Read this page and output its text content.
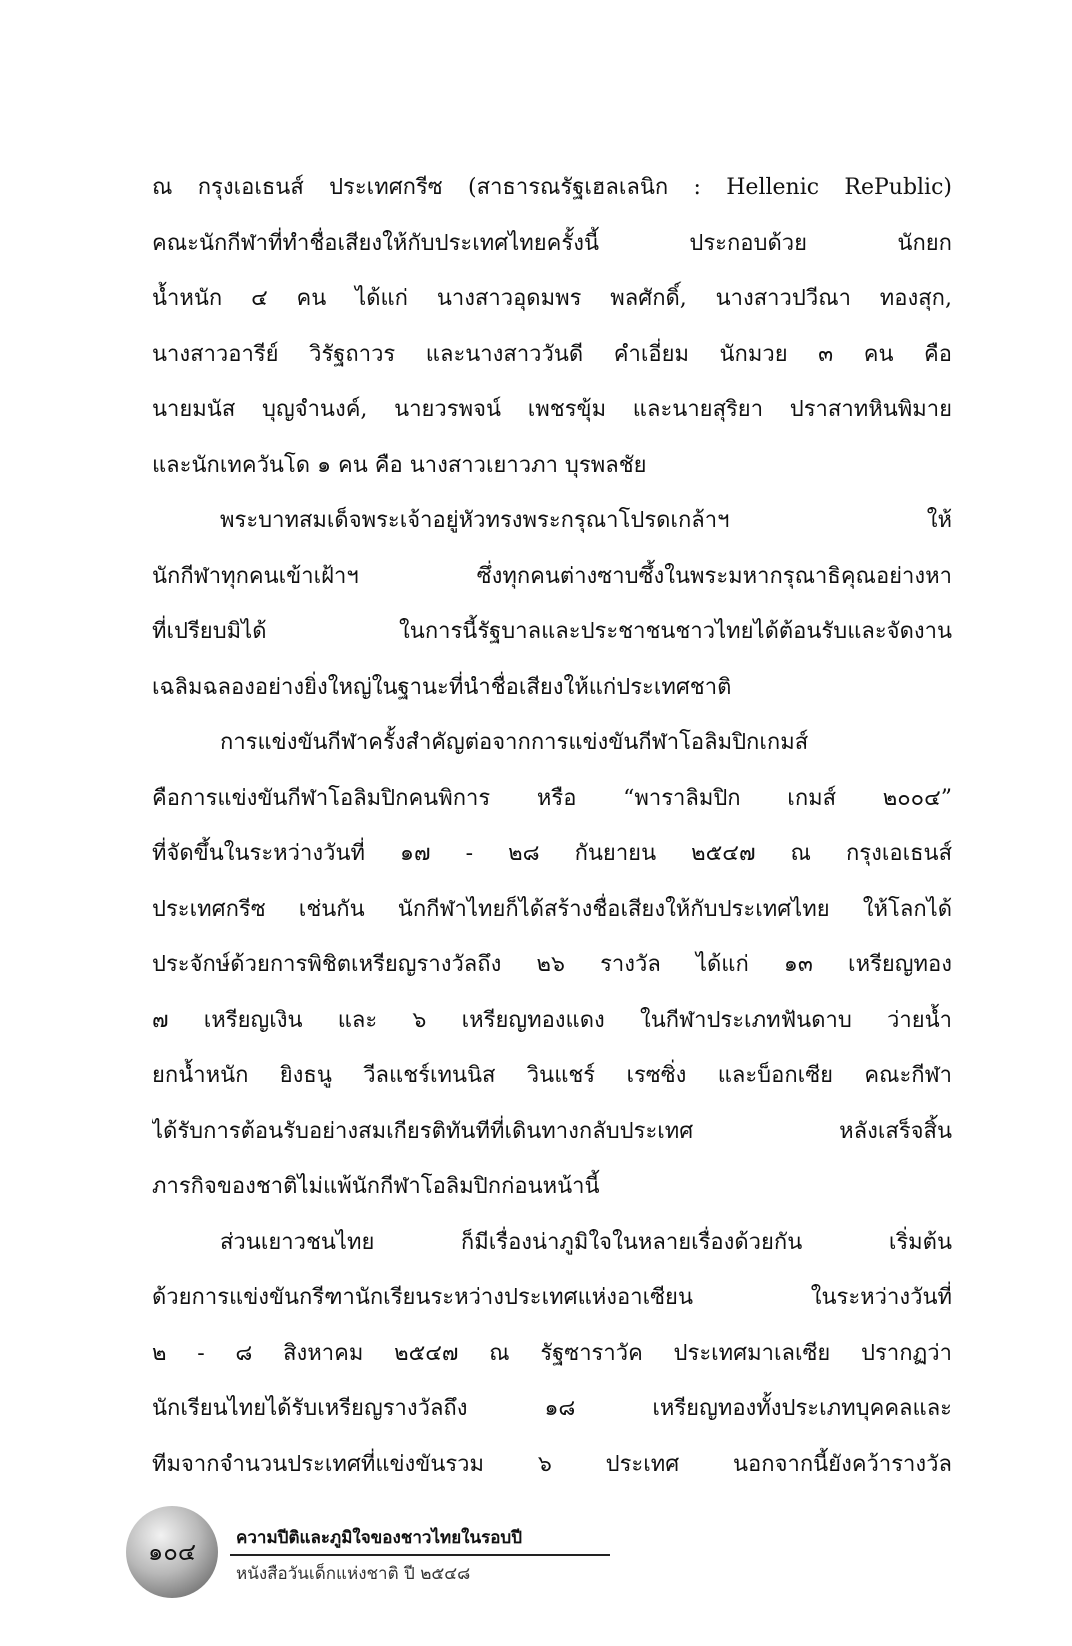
ณ กรุงเอเธนส์ ประเทศกรีซ (สาธารณรัฐเฮลเลนิก : Hellenic RePublic)
คณะนักกีฬาที่ทำชื่อเสียงให้กับประเทศไทยครั้งนี้ ประกอบด้วย นักยก
น้ำหนัก ๔ คน ได้แก่ นางสาวอุดมพร พลศักดิ์, นางสาวปวีณา ทองสุก,
นางสาวอารีย์ วิรัฐถาวร และนางสาววันดี คำเอี่ยม นักมวย ๓ คน คือ
นายมนัส บุญจำนงค์, นายวรพจน์ เพชรขุ้ม และนายสุริยา ปราสาทหินพิมาย
และนักเทควันโด ๑ คน คือ นางสาวเยาวภา บุรพลชัย
พระบาทสมเด็จพระเจ้าอยู่หัวทรงพระกรุณาโปรดเกล้าฯ ให้
นักกีฬาทุกคนเข้าเฝ้าฯ ซึ่งทุกคนต่างซาบซึ้งในพระมหากรุณาธิคุณอย่างหา
ที่เปรียบมิได้ ในการนี้รัฐบาลและประชาชนชาวไทยได้ต้อนรับและจัดงาน
เฉลิมฉลองอย่างยิ่งใหญ่ในฐานะที่นำชื่อเสียงให้แก่ประเทศชาติ
การแข่งขันกีฬาครั้งสำคัญต่อจากการแข่งขันกีฬาโอลิมปิกเกมส์
คือการแข่งขันกีฬาโอลิมปิกคนพิการ หรือ “พาราลิมปิก เกมส์ ๒๐๐๔”
ที่จัดขึ้นในระหว่างวันที่ ๑๗ - ๒๘ กันยายน ๒๕๔๗ ณ กรุงเอเธนส์
ประเทศกรีซ เช่นกัน นักกีฬาไทยก็ได้สร้างชื่อเสียงให้กับประเทศไทย ให้โลกได้
ประจักษ์ด้วยการพิชิตเหรียญรางวัลถึง ๒๖ รางวัล ได้แก่ ๑๓ เหรียญทอง
๗ เหรียญเงิน และ ๖ เหรียญทองแดง ในกีฬาประเภทฟันดาบ ว่ายน้ำ
ยกน้ำหนัก ยิงธนู วีลแชร์เทนนิส วินแชร์ เรซซิ่ง และบ็อกเซีย คณะกีฬา
ได้รับการต้อนรับอย่างสมเกียรติทันทีที่เดินทางกลับประเทศ หลังเสร็จสิ้น
ภารกิจของชาติไม่แพ้นักกีฬาโอลิมปิกก่อนหน้านี้
ส่วนเยาวชนไทย ก็มีเรื่องน่าภูมิใจในหลายเรื่องด้วยกัน เริ่มต้น
ด้วยการแข่งขันกรีฑานักเรียนระหว่างประเทศแห่งอาเซียน ในระหว่างวันที่
๒ - ๘ สิงหาคม ๒๕๔๗ ณ รัฐซาราวัค ประเทศมาเลเซีย ปรากฏว่า
นักเรียนไทยได้รับเหรียญรางวัลถึง ๑๘ เหรียญทองทั้งประเภทบุคคลและ
ทีมจากจำนวนประเทศที่แข่งขันรวม ๖ ประเทศ นอกจากนี้ยังคว้ารางวัล
๑๐๔	ความปีติและภูมิใจของชาวไทยในรอบปี
หนังสือวันเด็กแห่งชาติ ปี ๒๕๔๘
